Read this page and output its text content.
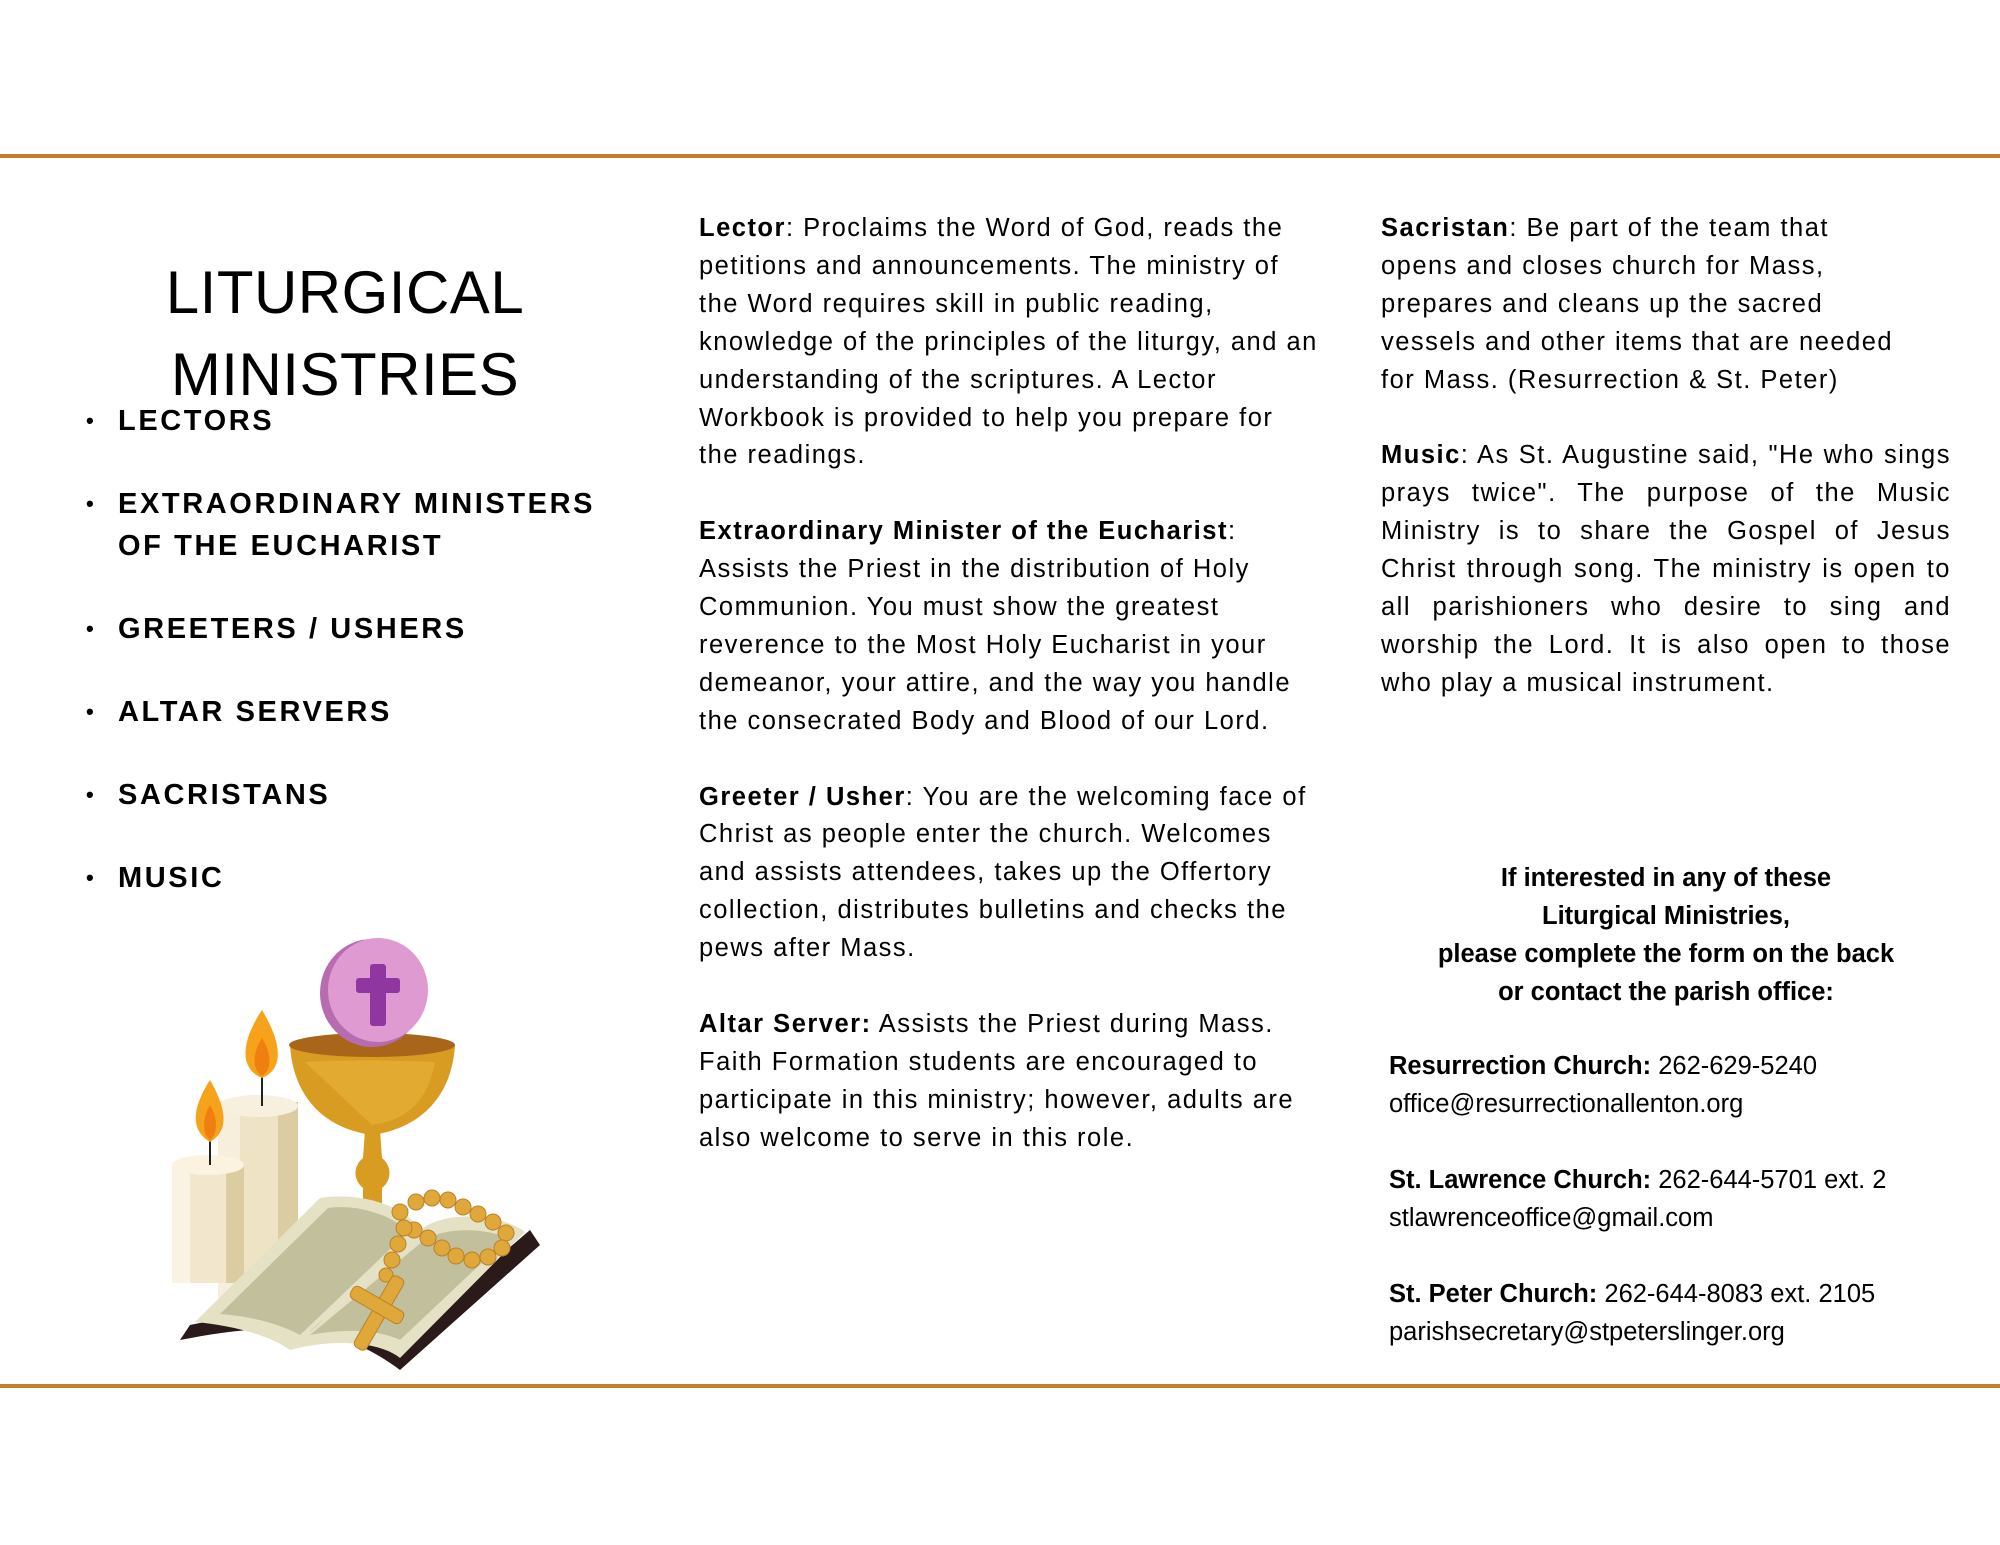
LITURGICAL
MINISTRIES
• LECTORS
• EXTRAORDINARY MINISTERS
OF THE EUCHARIST
• GREETERS / USHERS
• ALTAR SERVERS
• SACRISTANS
• MUSIC

Lector: Proclaims the Word of God, reads the petitions and announcements. The ministry of the Word requires skill in public reading, knowledge of the principles of the liturgy, and an understanding of the scriptures. A Lector Workbook is provided to help you prepare for the readings.

Extraordinary Minister of the Eucharist: Assists the Priest in the distribution of Holy Communion. You must show the greatest reverence to the Most Holy Eucharist in your demeanor, your attire, and the way you handle the consecrated Body and Blood of our Lord.

Greeter / Usher: You are the welcoming face of Christ as people enter the church. Welcomes and assists attendees, takes up the Offertory collection, distributes bulletins and checks the pews after Mass.

Altar Server: Assists the Priest during Mass. Faith Formation students are encouraged to participate in this ministry; however, adults are also welcome to serve in this role.

Sacristan: Be part of the team that opens and closes church for Mass, prepares and cleans up the sacred vessels and other items that are needed for Mass. (Resurrection & St. Peter)

Music: As St. Augustine said, "He who sings prays twice". The purpose of the Music Ministry is to share the Gospel of Jesus Christ through song. The ministry is open to all parishioners who desire to sing and worship the Lord. It is also open to those who play a musical instrument.

If interested in any of these
Liturgical Ministries,
please complete the form on the back
or contact the parish office:
Resurrection Church: 262-629-5240
office@resurrectionallenton.org
St. Lawrence Church: 262-644-5701 ext. 2
stlawrenceoffice@gmail.com
St. Peter Church: 262-644-8083 ext. 2105
parishsecretary@stpeterslinger.org
